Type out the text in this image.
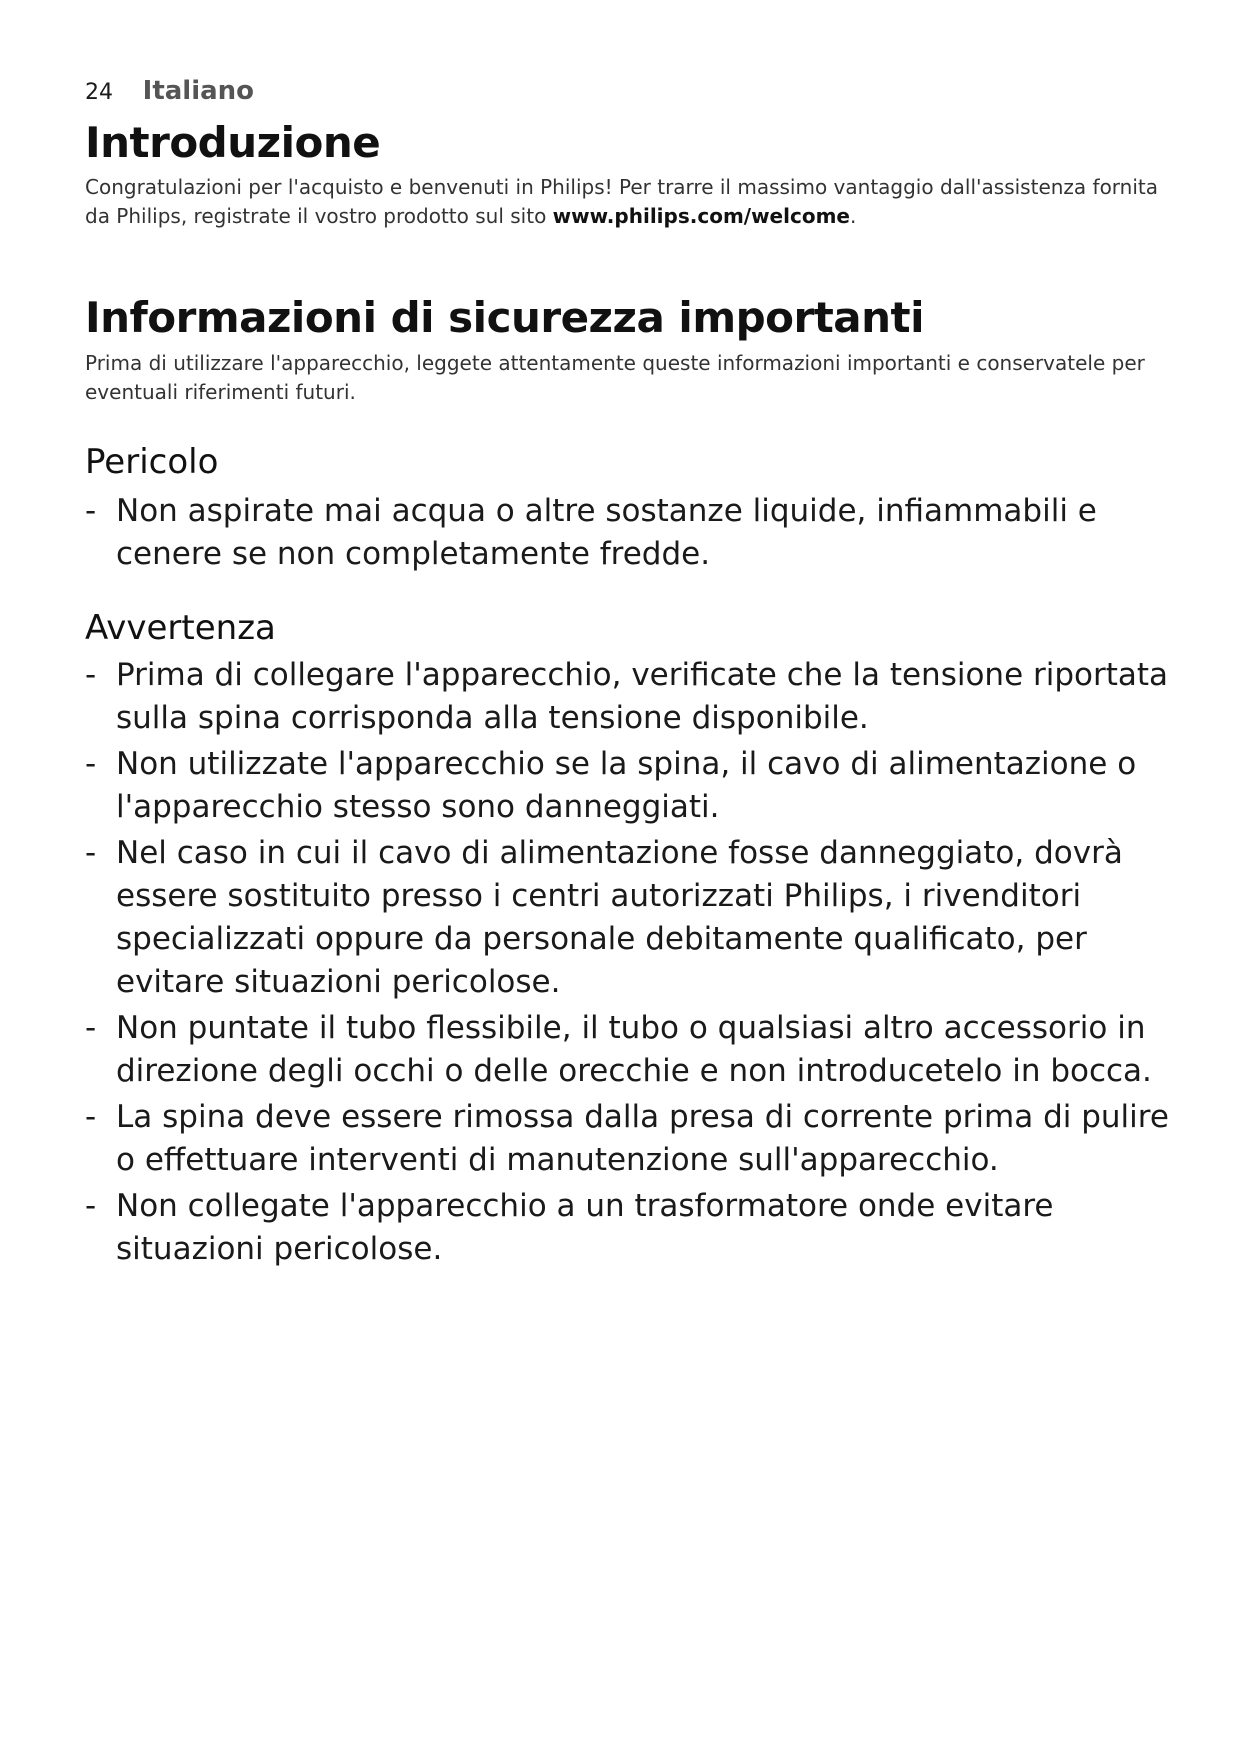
24 Italiano
Introduzione

Congratulazioni per l'acquisto e benvenuti in Philips! Per trarre il massimo vantaggio dall'assistenza fornita da Philips, registrate il vostro prodotto sul sito www.philips.com/welcome.

Informazioni di sicurezza importanti

Prima di utilizzare l'apparecchio, leggete attentamente queste informazioni importanti e conservatele per eventuali riferimenti futuri.

Pericolo
- Non aspirate mai acqua o altre sostanze liquide, infiammabili e cenere se non completamente fredde.
Avvertenza
- Prima di collegare l'apparecchio, verificate che la tensione riportata sulla spina corrisponda alla tensione disponibile.
- Non utilizzate l'apparecchio se la spina, il cavo di alimentazione o l'apparecchio stesso sono danneggiati.
- Nel caso in cui il cavo di alimentazione fosse danneggiato, dovrà essere sostituito presso i centri autorizzati Philips, i rivenditori specializzati oppure da personale debitamente qualificato, per evitare situazioni pericolose.
- Non puntate il tubo flessibile, il tubo o qualsiasi altro accessorio in direzione degli occhi o delle orecchie e non introducetelo in bocca.
- La spina deve essere rimossa dalla presa di corrente prima di pulire o effettuare interventi di manutenzione sull'apparecchio.
- Non collegate l'apparecchio a un trasformatore onde evitare situazioni pericolose.
